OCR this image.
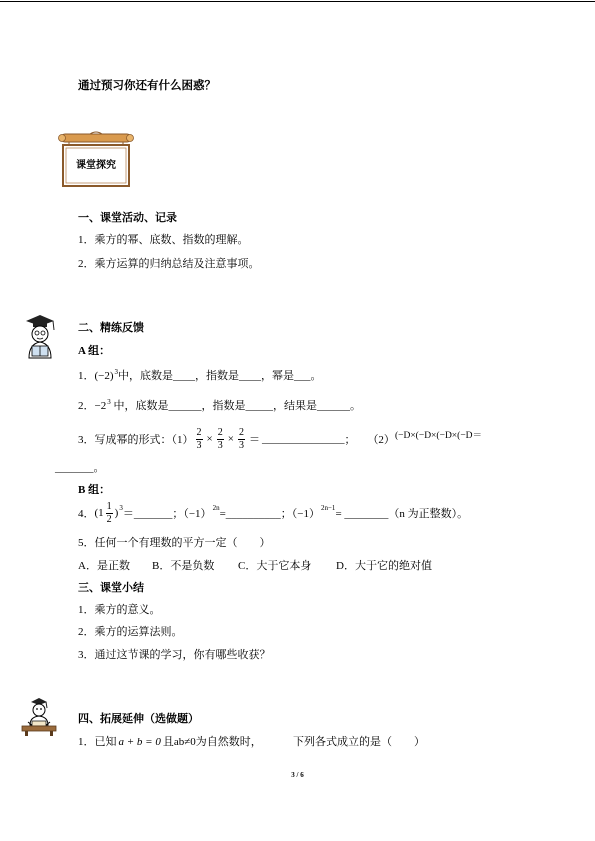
通过预习你还有什么困惑？
课堂探究
一、课堂活动、记录
1．乘方的幂、底数、指数的理解。
2．乘方运算的归纳总结及注意事项。
二、精练反馈
A 组：
1．$(-2)^3$中，底数是____，指数是____，幂是___。
2．$-2^3$ 中，底数是______，指数是_____，结果是______。
3．写成幂的形式：$(1) \frac{2}{3} \times \frac{2}{3} \times \frac{2}{3}$ ＝ _______________ ； （2） (−D×(−D×(−D×(−D＝
_______。
B 组：
4． ($1 \frac{1}{2}$ ) 3 ＝_______；（−1） 2n =__________；（−1） 2n−1 = ________（n 为正整数）。
5．任何一个有理数的平方一定（　　）
A．是正数 B．不是负数 C．大于它本身 D．大于它的绝对值
三、课堂小结
1．乘方的意义。
2．乘方的运算法则。
3．通过这节课的学习，你有哪些收获？
四、拓展延伸（选做题）
1．已知 a + b = 0 且ab≠0为自然数时，	下列各式成立的是（　　）
3 / 6
